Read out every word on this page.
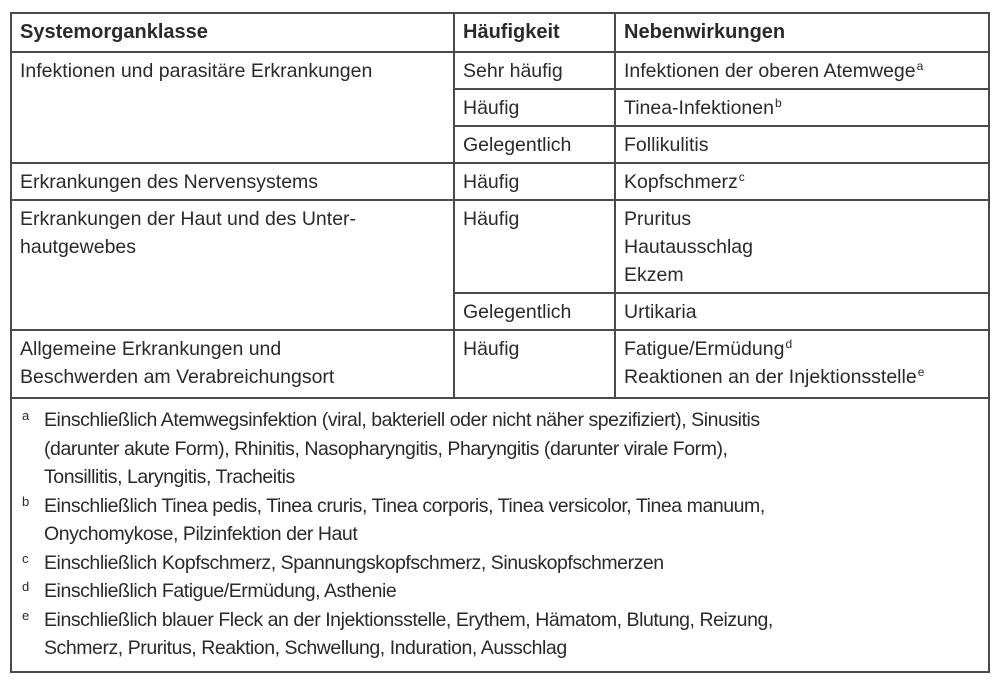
Systemorganklasse	Häufigkeit	Nebenwirkungen
Infektionen und parasitäre Erkrankungen	Sehr häufig	Infektionen der oberen Atemwege$^a$
	Häufig	Tinea-Infektionen$^b$
	Gelegentlich	Follikulitis
Erkrankungen des Nervensystems	Häufig	Kopfschmerz$^c$

Erkrankungen der Haut und des Unter-
hautgewebes	Häufig	Pruritus
Hautausschlag
Ekzem

	Gelegentlich	Urtikaria

Allgemeine Erkrankungen und
Beschwerden am Verabreichungsort	Häufig	Fatigue/Ermüdung$^d$
Reaktionen an der Injektionsstelle$^e$
a Einschließlich Atemwegsinfektion (viral, bakteriell oder nicht näher spezifiziert), Sinusitis
(darunter akute Form), Rhinitis, Nasopharyngitis, Pharyngitis (darunter virale Form),
Tonsillitis, Laryngitis, Tracheitis
b Einschließlich Tinea pedis, Tinea cruris, Tinea corporis, Tinea versicolor, Tinea manuum,
Onychomykose, Pilzinfektion der Haut
c Einschließlich Kopfschmerz, Spannungskopfschmerz, Sinuskopfschmerzen
d Einschließlich Fatigue/Ermüdung, Asthenie
e Einschließlich blauer Fleck an der Injektionsstelle, Erythem, Hämatom, Blutung, Reizung,
Schmerz, Pruritus, Reaktion, Schwellung, Induration, Ausschlag
